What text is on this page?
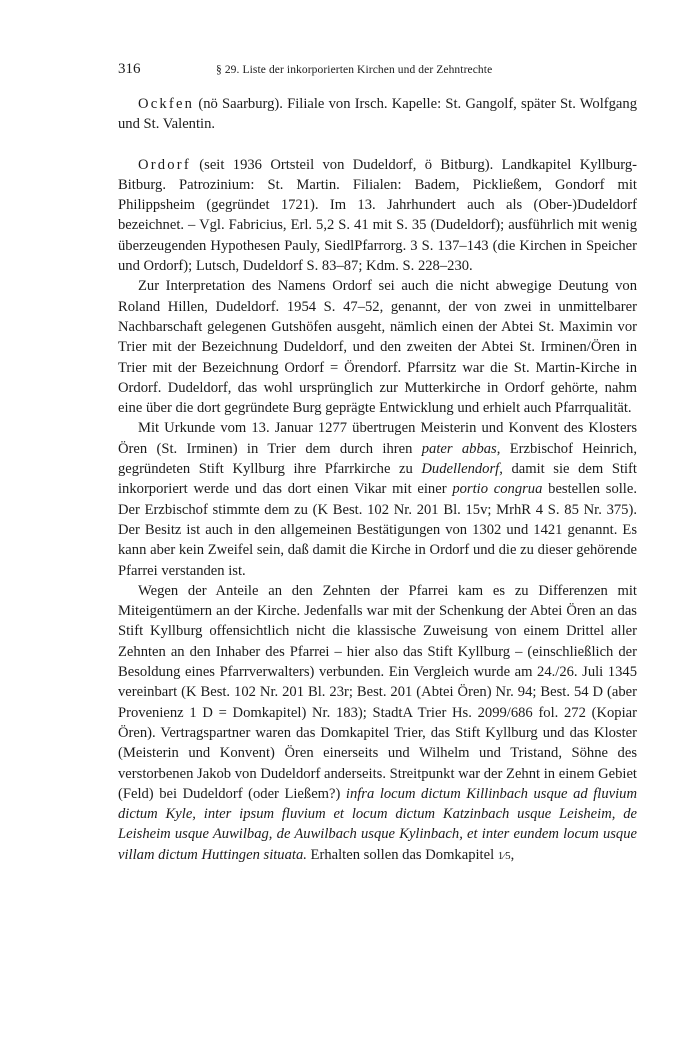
316	§ 29. Liste der inkorporierten Kirchen und der Zehntrechte

Ockfen (nö Saarburg). Filiale von Irsch. Kapelle: St. Gangolf, später St. Wolfgang und St. Valentin.

Ordorf (seit 1936 Ortsteil von Dudeldorf, ö Bitburg). Landkapitel Kyllburg-Bitburg. Patrozinium: St. Martin. Filialen: Badem, Pickließem, Gondorf mit Philippsheim (gegründet 1721). Im 13. Jahrhundert auch als (Ober-)Dudeldorf bezeichnet. – Vgl. Fabricius, Erl. 5,2 S. 41 mit S. 35 (Dudeldorf); ausführlich mit wenig überzeugenden Hypothesen Pauly, SiedlPfarrorg. 3 S. 137–143 (die Kirchen in Speicher und Ordorf); Lutsch, Dudeldorf S. 83–87; Kdm. S. 228–230.

Zur Interpretation des Namens Ordorf sei auch die nicht abwegige Deutung von Roland Hillen, Dudeldorf. 1954 S. 47–52, genannt, der von zwei in unmittelbarer Nachbarschaft gelegenen Gutshöfen ausgeht, nämlich einen der Abtei St. Maximin vor Trier mit der Bezeichnung Dudeldorf, und den zweiten der Abtei St. Irminen/Ören in Trier mit der Bezeichnung Ordorf = Örendorf. Pfarrsitz war die St. Martin-Kirche in Ordorf. Dudeldorf, das wohl ursprünglich zur Mutterkirche in Ordorf gehörte, nahm eine über die dort gegründete Burg geprägte Entwicklung und erhielt auch Pfarrqualität.

Mit Urkunde vom 13. Januar 1277 übertrugen Meisterin und Konvent des Klosters Ören (St. Irminen) in Trier dem durch ihren pater abbas, Erzbischof Heinrich, gegründeten Stift Kyllburg ihre Pfarrkirche zu Dudellendorf, damit sie dem Stift inkorporiert werde und das dort einen Vikar mit einer portio congrua bestellen solle. Der Erzbischof stimmte dem zu (K Best. 102 Nr. 201 Bl. 15v; MrhR 4 S. 85 Nr. 375). Der Besitz ist auch in den allgemeinen Bestätigungen von 1302 und 1421 genannt. Es kann aber kein Zweifel sein, daß damit die Kirche in Ordorf und die zu dieser gehörende Pfarrei verstanden ist.

Wegen der Anteile an den Zehnten der Pfarrei kam es zu Differenzen mit Miteigentümern an der Kirche. Jedenfalls war mit der Schenkung der Abtei Ören an das Stift Kyllburg offensichtlich nicht die klassische Zuweisung von einem Drittel aller Zehnten an den Inhaber des Pfarrei – hier also das Stift Kyllburg – (einschließlich der Besoldung eines Pfarrverwalters) verbunden. Ein Vergleich wurde am 24./26. Juli 1345 vereinbart (K Best. 102 Nr. 201 Bl. 23r; Best. 201 (Abtei Ören) Nr. 94; Best. 54 D (aber Provenienz 1 D = Domkapitel) Nr. 183); StadtA Trier Hs. 2099/686 fol. 272 (Kopiar Ören). Vertragspartner waren das Domkapitel Trier, das Stift Kyllburg und das Kloster (Meisterin und Konvent) Ören einerseits und Wilhelm und Tristand, Söhne des verstorbenen Jakob von Dudeldorf anderseits. Streitpunkt war der Zehnt in einem Gebiet (Feld) bei Dudeldorf (oder Ließem?) infra locum dictum Killinbach usque ad fluvium dictum Kyle, inter ipsum fluvium et locum dictum Katzinbach usque Leisheim, de Leisheim usque Auwilbag, de Auwilbach usque Kylinbach, et inter eundem locum usque villam dictum Huttingen situata. Erhalten sollen das Domkapitel 1⁄5,
